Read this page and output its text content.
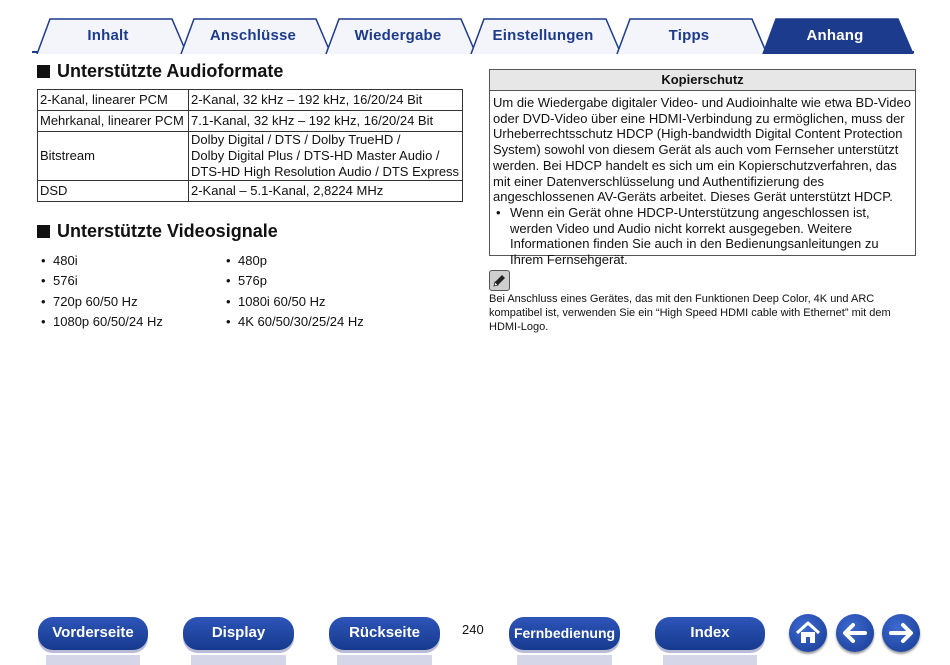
Inhalt	Anschlüsse	Wiedergabe	Einstellungen	Tipps	Anhang
Unterstützte Audioformate
2-Kanal, linearer PCM	2-Kanal, 32 kHz – 192 kHz, 16/20/24 Bit
Mehrkanal, linearer PCM	7.1-Kanal, 32 kHz – 192 kHz, 16/20/24 Bit
Bitstream	Dolby Digital / DTS / Dolby TrueHD /
Dolby Digital Plus / DTS-HD Master Audio /
DTS-HD High Resolution Audio / DTS Express

DSD	2-Kanal – 5.1-Kanal, 2,8224 MHz
Unterstützte Videosignale
• 480i
• 576i
• 720p 60/50 Hz
• 1080p 60/50/24 Hz
• 480p
• 576p
• 1080i 60/50 Hz
• 4K 60/50/30/25/24 Hz
Kopierschutz
Um die Wiedergabe digitaler Video- und Audioinhalte wie etwa BD-Video oder DVD-Video über eine HDMI-Verbindung zu ermöglichen, muss der Urheberrechtsschutz HDCP (High-bandwidth Digital Content Protection System) sowohl von diesem Gerät als auch vom Fernseher unterstützt werden. Bei HDCP handelt es sich um ein Kopierschutzverfahren, das mit einer Datenverschlüsselung und Authentifizierung des angeschlossenen AV-Geräts arbeitet. Dieses Gerät unterstützt HDCP.
• Wenn ein Gerät ohne HDCP-Unterstützung angeschlossen ist, werden Video und Audio nicht korrekt ausgegeben. Weitere Informationen finden Sie auch in den Bedienungsanleitungen zu Ihrem Fernsehgerät.
Bei Anschluss eines Gerätes, das mit den Funktionen Deep Color, 4K und ARC kompatibel ist, verwenden Sie ein “High Speed HDMI cable with Ethernet” mit dem HDMI-Logo.
Vorderseite	Display	Rückseite	240	Fernbedienung	Index
